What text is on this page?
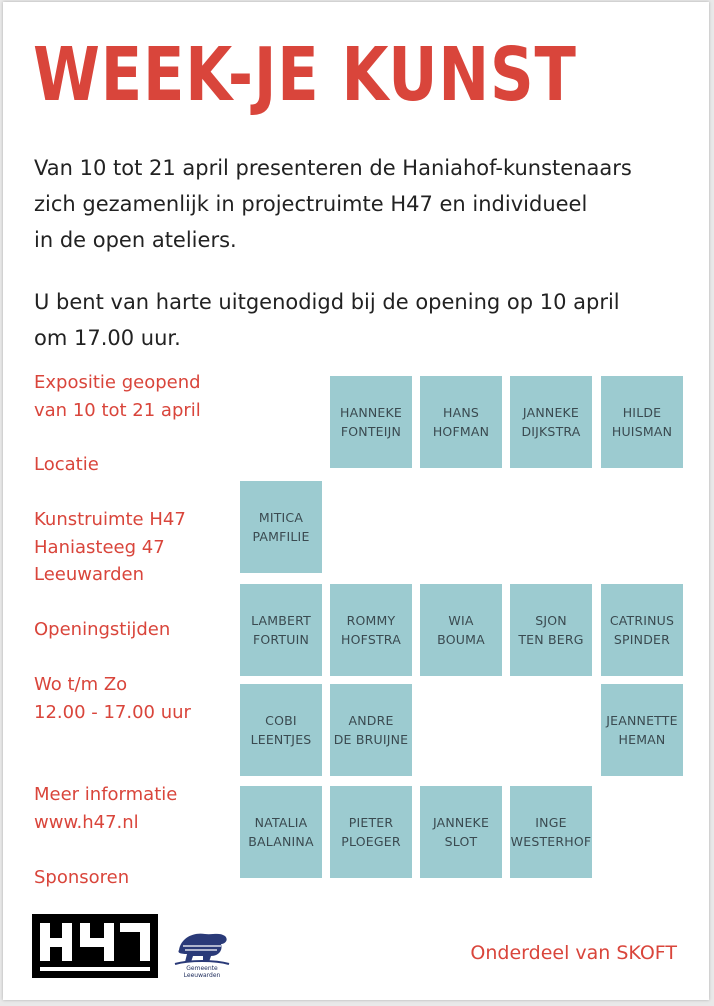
WEEK-JE KUNST
Van 10 tot 21 april presenteren de Haniahof-kunstenaars
zich gezamenlijk in projectruimte H47 en individueel
in de open ateliers.
U bent van harte uitgenodigd bij de opening op 10 april
om 17.00 uur.
Expositie geopend
van 10 tot 21 april
Locatie
Kunstruimte H47
Haniasteeg 47
Leeuwarden
Openingstijden
Wo t/m Zo
12.00 - 17.00 uur
Meer informatie
www.h47.nl
Sponsoren
HANNEKE
FONTEIJN
HANS
HOFMAN
JANNEKE
DIJKSTRA
HILDE
HUISMAN
MITICA
PAMFILIE
LAMBERT
FORTUIN
ROMMY
HOFSTRA
WIA
BOUMA
SJON
TEN BERG
CATRINUS
SPINDER
COBI
LEENTJES
ANDRE
DE BRUIJNE
JEANNETTE
HEMAN
NATALIA
BALANINA
PIETER
PLOEGER
JANNEKE
SLOT
INGE
WESTERHOF
Gemeente Leeuwarden
Onderdeel van SKOFT
